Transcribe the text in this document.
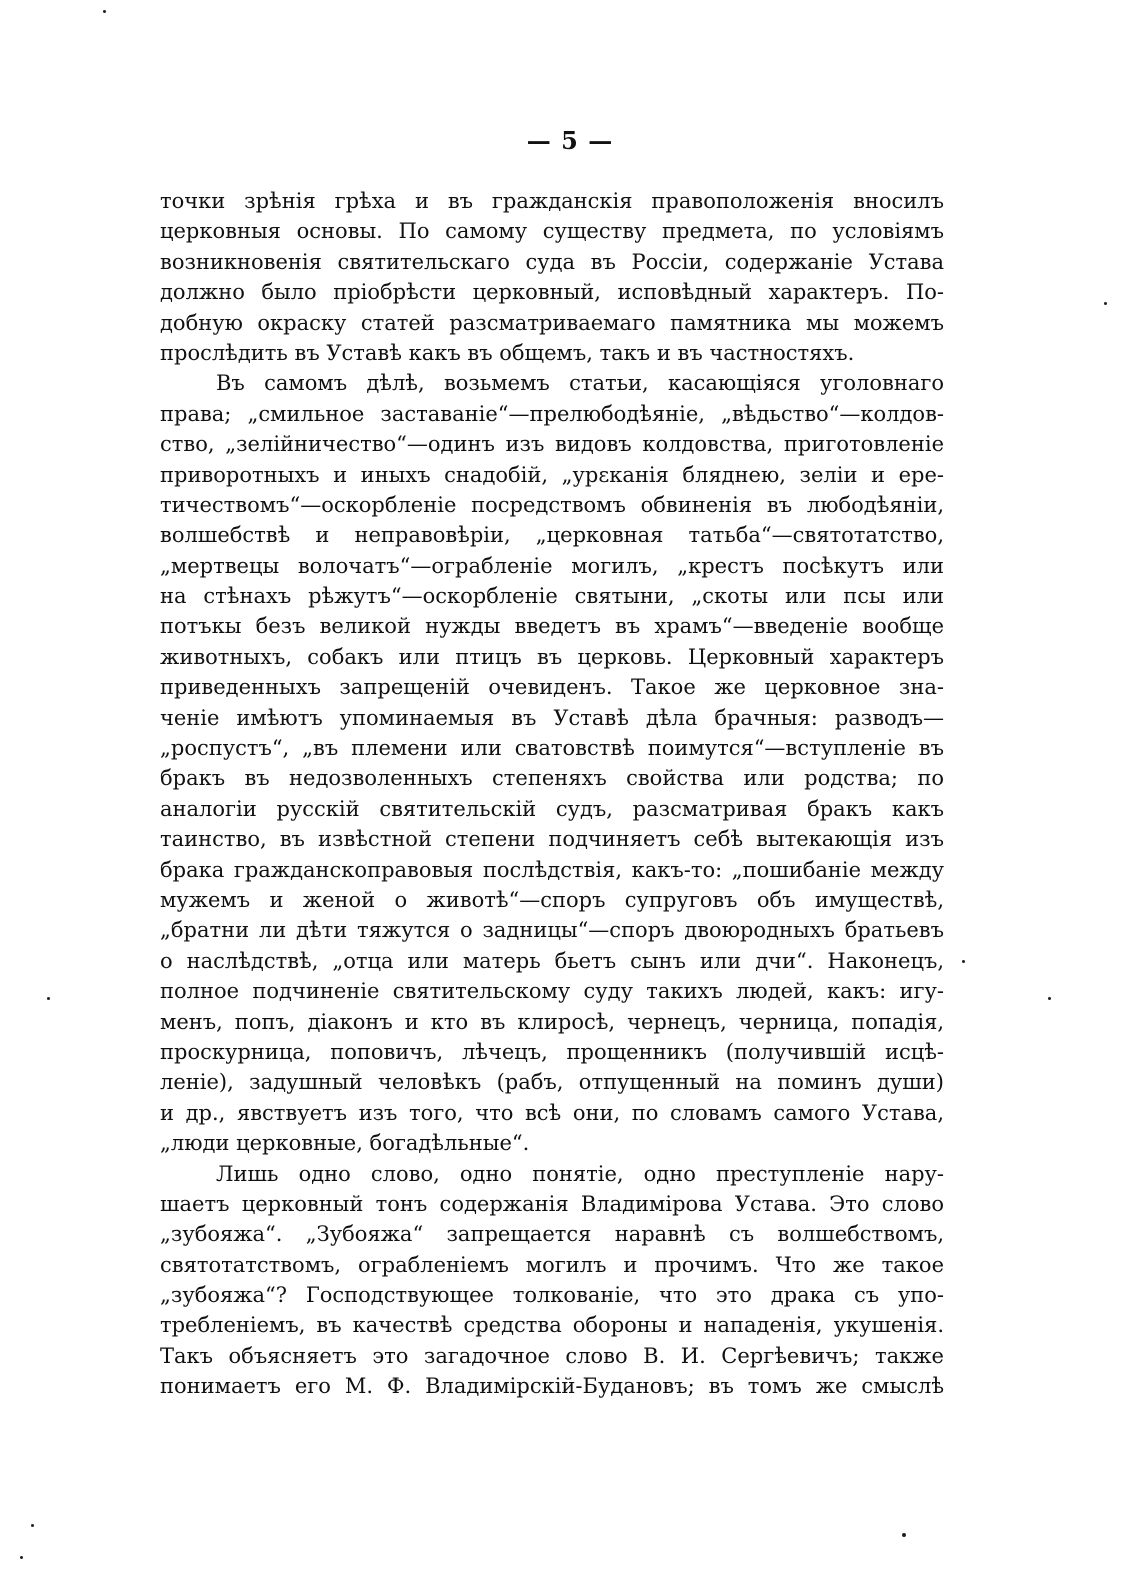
— 5 —
точки зрѣнія грѣха и въ гражданскія правоположенія вносилъ
церковныя основы. По самому существу предмета, по условіямъ
возникновенія святительскаго суда въ Россіи, содержаніе Устава
должно было пріобрѣсти церковный, исповѣдный характеръ. По-
добную окраску статей разсматриваемаго памятника мы можемъ
прослѣдить въ Уставѣ какъ въ общемъ, такъ и въ частностяхъ.
Въ самомъ дѣлѣ, возьмемъ статьи, касающіяся уголовнаго
права; „смильное заставаніе“—прелюбодѣяніе, „вѣдьство“—колдов-
ство, „зелійничество“—одинъ изъ видовъ колдовства, приготовленіе
приворотныхъ и иныхъ снадобій, „урεканія бляднею, зеліи и ере-
тичествомъ“—оскорбленіе посредствомъ обвиненія въ любодѣяніи,
волшебствѣ и неправовѣріи, „церковная татьба“—святотатство,
„мертвецы волочатъ“—ограбленіе могилъ, „крестъ посѣкутъ или
на стѣнахъ рѣжутъ“—оскорбленіе святыни, „скоты или псы или
потъкы безъ великой нужды введетъ въ храмъ“—введеніе вообще
животныхъ, собакъ или птицъ въ церковь. Церковный характеръ
приведенныхъ запрещеній очевиденъ. Такое же церковное зна-
ченіе имѣютъ упоминаемыя въ Уставѣ дѣла брачныя: разводъ—
„роспустъ“, „въ племени или сватовствѣ поимутся“—вступленіе въ
бракъ въ недозволенныхъ степеняхъ свойства или родства; по
аналогіи русскій святительскій судъ, разсматривая бракъ какъ
таинство, въ извѣстной степени подчиняетъ себѣ вытекающія изъ
брака гражданскоправовыя послѣдствія, какъ-то: „пошибаніе между
мужемъ и женой о животѣ“—споръ супруговъ объ имуществѣ,
„братни ли дѣти тяжутся о задницы“—споръ двоюродныхъ братьевъ
о наслѣдствѣ, „отца или матерь бьетъ сынъ или дчи“. Наконецъ,
полное подчиненіе святительскому суду такихъ людей, какъ: игу-
менъ, попъ, діаконъ и кто въ клиросѣ, чернецъ, черница, попадія,
проскурница, поповичъ, лѣчецъ, прощенникъ (получившій исцѣ-
леніе), задушный человѣкъ (рабъ, отпущенный на поминъ души)
и др., явствуетъ изъ того, что всѣ они, по словамъ самого Устава,
„люди церковные, богадѣльные“.
Лишь одно слово, одно понятіе, одно преступленіе нару-
шаетъ церковный тонъ содержанія Владимірова Устава. Это слово
„зубояжа“. „Зубояжа“ запрещается наравнѣ съ волшебствомъ,
святотатствомъ, ограбленіемъ могилъ и прочимъ. Что же такое
„зубояжа“? Господствующее толкованіе, что это драка съ упо-
требленіемъ, въ качествѣ средства обороны и нападенія, укушенія.
Такъ объясняетъ это загадочное слово В. И. Сергѣевичъ; также
понимаетъ его М. Ф. Владимірскій-Будановъ; въ томъ же смыслѣ
